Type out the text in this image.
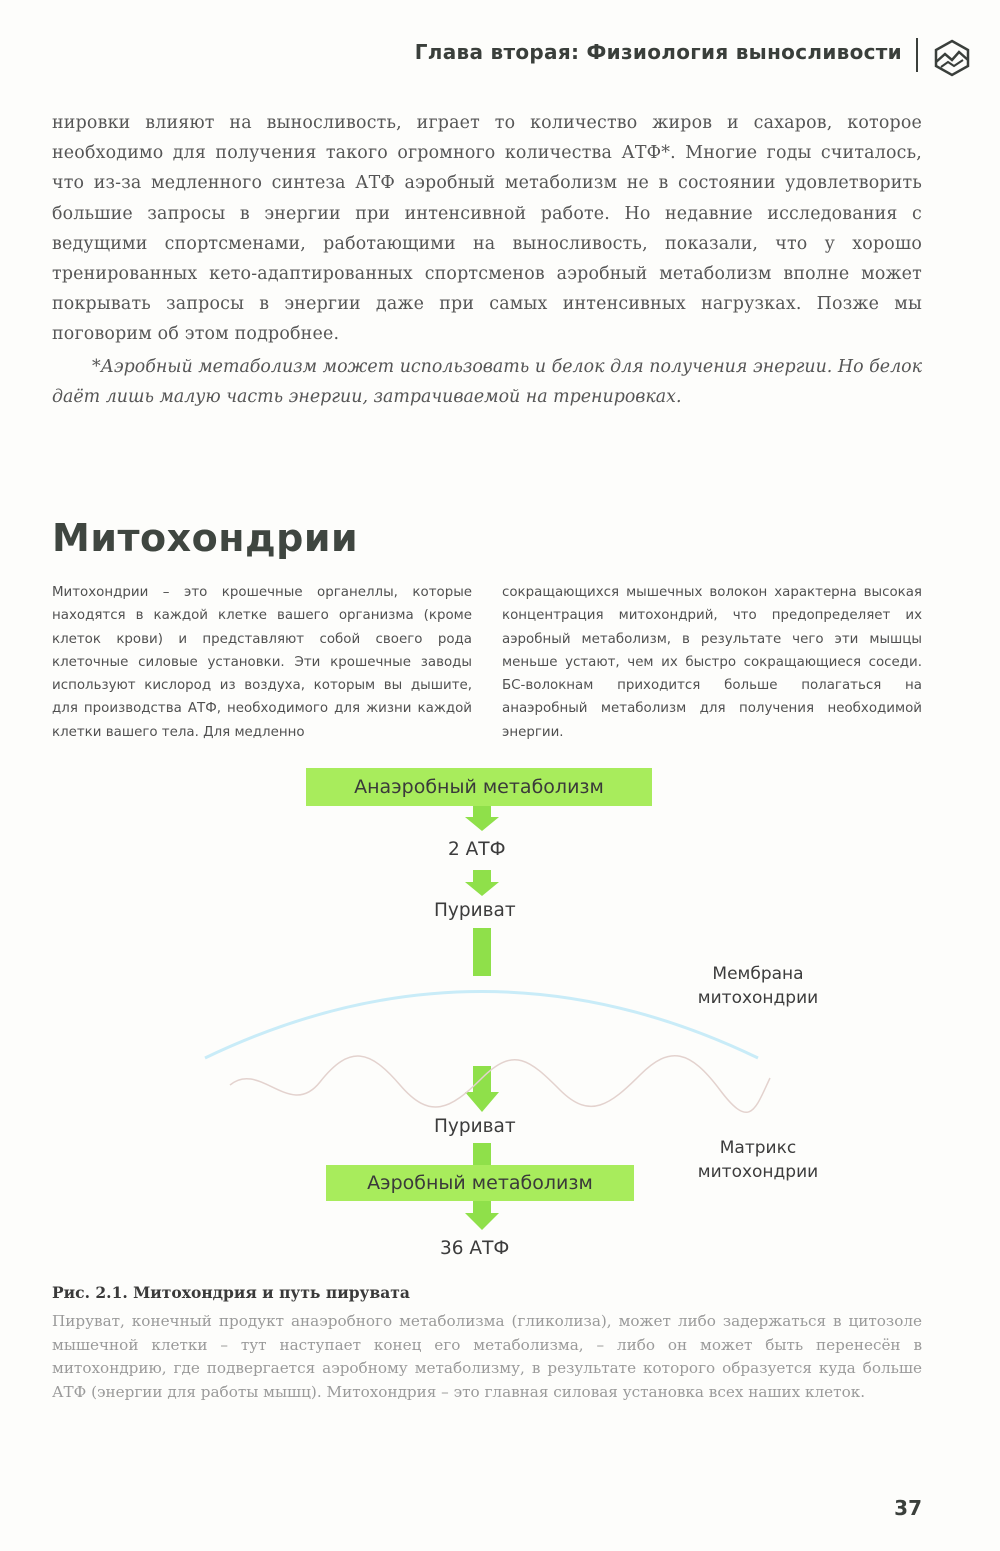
Глава вторая: Физиология выносливости

нировки влияют на выносливость, играет то количество жиров и сахаров, которое необходимо для получения такого огромного количества АТФ*. Многие годы считалось, что из-за медленного синтеза АТФ аэробный метаболизм не в состоянии удовлетворить большие запросы в энергии при интенсивной работе. Но недавние исследования с ведущими спортсменами, работающими на выносливость, показали, что у хорошо тренированных кето-адаптированных спортсменов аэробный метаболизм вполне может покрывать запросы в энергии даже при самых интенсивных нагрузках. Позже мы поговорим об этом подробнее.

*Аэробный метаболизм может использовать и белок для получения энергии. Но белок даёт лишь малую часть энергии, затрачиваемой на тренировках.

Митохондрии

Митохондрии – это крошечные органеллы, которые находятся в каждой клетке вашего организма (кроме клеток крови) и представляют собой своего рода клеточные силовые установки. Эти крошечные заводы используют кислород из воздуха, которым вы дышите, для производства АТФ, необходимого для жизни каждой клетки вашего тела. Для медленно

сокращающихся мышечных волокон характерна высокая концентрация митохондрий, что предопределяет их аэробный метаболизм, в результате чего эти мышцы меньше устают, чем их быстро сокращающиеся соседи. БС-волокнам приходится больше полагаться на анаэробный метаболизм для получения необходимой энергии.

Анаэробный метаболизм
2 АТФ
Пуриват
Мембрана митохондрии
Пуриват
Матрикс митохондрии
Аэробный метаболизм
36 АТФ

Рис. 2.1. Митохондрия и путь пирувата

Пируват, конечный продукт анаэробного метаболизма (гликолиза), может либо задержаться в цитозоле мышечной клетки – тут наступает конец его метаболизма, – либо он может быть перенесён в митохондрию, где подвергается аэробному метаболизму, в результате которого образуется куда больше АТФ (энергии для работы мышц). Митохондрия – это главная силовая установка всех наших клеток.

37
